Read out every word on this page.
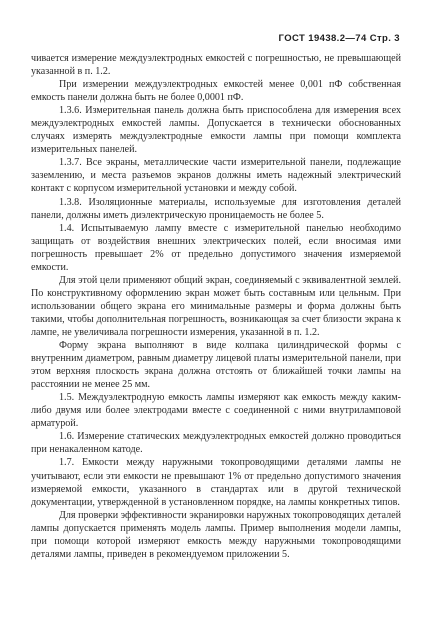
ГОСТ 19438.2—74 Стр. 3

чивается измерение междуэлектродных емкостей с погрешностью, не превышающей указанной в п. 1.2.

При измерении междуэлектродных емкостей менее 0,001 пФ собственная емкость панели должна быть не более 0,0001 пФ.

1.3.6. Измерительная панель должна быть приспособлена для измерения всех междуэлектродных емкостей лампы. Допускается в технически обоснованных случаях измерять междуэлектродные емкости лампы при помощи комплекта измерительных панелей.

1.3.7. Все экраны, металлические части измерительной панели, подлежащие заземлению, и места разъемов экранов должны иметь надежный электрический контакт с корпусом измерительной установки и между собой.

1.3.8. Изоляционные материалы, используемые для изготовления деталей панели, должны иметь диэлектрическую проницаемость не более 5.

1.4. Испытываемую лампу вместе с измерительной панелью необходимо защищать от воздействия внешних электрических полей, если вносимая ими погрешность превышает 2% от предельно допустимого значения измеряемой емкости.

Для этой цели применяют общий экран, соединяемый с эквивалентной землей. По конструктивному оформлению экран может быть составным или цельным. При использовании общего экрана его минимальные размеры и форма должны быть такими, чтобы дополнительная погрешность, возникающая за счет близости экрана к лампе, не увеличивала погрешности измерения, указанной в п. 1.2.

Форму экрана выполняют в виде колпака цилиндрической формы с внутренним диаметром, равным диаметру лицевой платы измерительной панели, при этом верхняя плоскость экрана должна отстоять от ближайшей точки лампы на расстоянии не менее 25 мм.

1.5. Междуэлектродную емкость лампы измеряют как емкость между каким-либо двумя или более электродами вместе с соединенной с ними внутриламповой арматурой.

1.6. Измерение статических междуэлектродных емкостей должно проводиться при ненакаленном катоде.

1.7. Емкости между наружными токопроводящими деталями лампы не учитывают, если эти емкости не превышают 1% от предельно допустимого значения измеряемой емкости, указанного в стандартах или в другой технической документации, утвержденной в установленном порядке, на лампы конкретных типов.

Для проверки эффективности экранировки наружных токопроводящих деталей лампы допускается применять модель лампы. Пример выполнения модели лампы, при помощи которой измеряют емкость между наружными токопроводящими деталями лампы, приведен в рекомендуемом приложении 5.
